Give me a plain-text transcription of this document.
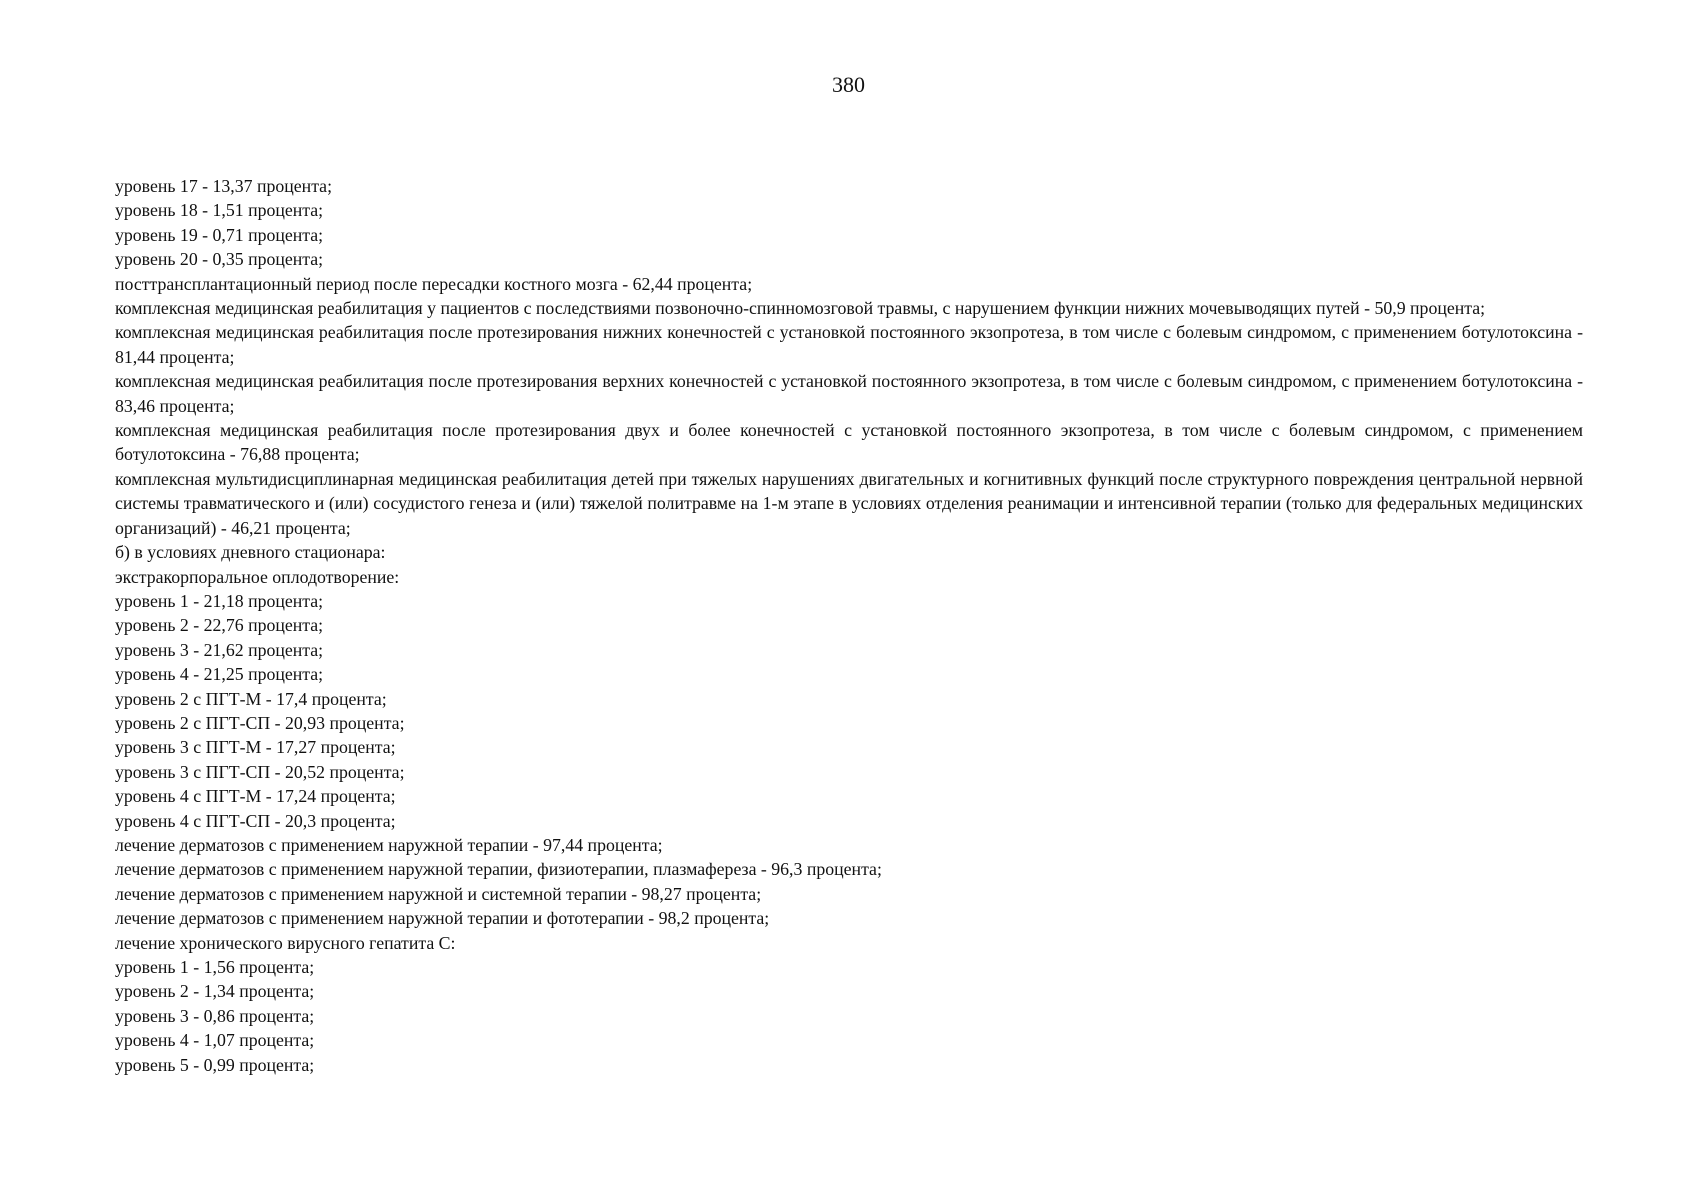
380

уровень 17 - 13,37 процента;

уровень 18 - 1,51 процента;

уровень 19 - 0,71 процента;

уровень 20 - 0,35 процента;

посттрансплантационный период после пересадки костного мозга - 62,44 процента;

комплексная медицинская реабилитация у пациентов с последствиями позвоночно-спинномозговой травмы, с нарушением функции нижних мочевыводящих путей - 50,9 процента;

комплексная медицинская реабилитация после протезирования нижних конечностей с установкой постоянного экзопротеза, в том числе с болевым синдромом, с применением ботулотоксина - 81,44 процента;

комплексная медицинская реабилитация после протезирования верхних конечностей с установкой постоянного экзопротеза, в том числе с болевым синдромом, с применением ботулотоксина - 83,46 процента;

комплексная медицинская реабилитация после протезирования двух и более конечностей с установкой постоянного экзопротеза, в том числе с болевым синдромом, с применением ботулотоксина - 76,88 процента;

комплексная мультидисциплинарная медицинская реабилитация детей при тяжелых нарушениях двигательных и когнитивных функций после структурного повреждения центральной нервной системы травматического и (или) сосудистого генеза и (или) тяжелой политравме на 1-м этапе в условиях отделения реанимации и интенсивной терапии (только для федеральных медицинских организаций) - 46,21 процента;

б) в условиях дневного стационара:

экстракорпоральное оплодотворение:

уровень 1 - 21,18 процента;

уровень 2 - 22,76 процента;

уровень 3 - 21,62 процента;

уровень 4 - 21,25 процента;

уровень 2 с ПГТ-М - 17,4 процента;

уровень 2 с ПГТ-СП - 20,93 процента;

уровень 3 с ПГТ-М - 17,27 процента;

уровень 3 с ПГТ-СП - 20,52 процента;

уровень 4 с ПГТ-М - 17,24 процента;

уровень 4 с ПГТ-СП - 20,3 процента;

лечение дерматозов с применением наружной терапии - 97,44 процента;

лечение дерматозов с применением наружной терапии, физиотерапии, плазмафереза - 96,3 процента;

лечение дерматозов с применением наружной и системной терапии - 98,27 процента;

лечение дерматозов с применением наружной терапии и фототерапии - 98,2 процента;

лечение хронического вирусного гепатита C:

уровень 1 - 1,56 процента;

уровень 2 - 1,34 процента;

уровень 3 - 0,86 процента;

уровень 4 - 1,07 процента;

уровень 5 - 0,99 процента;
